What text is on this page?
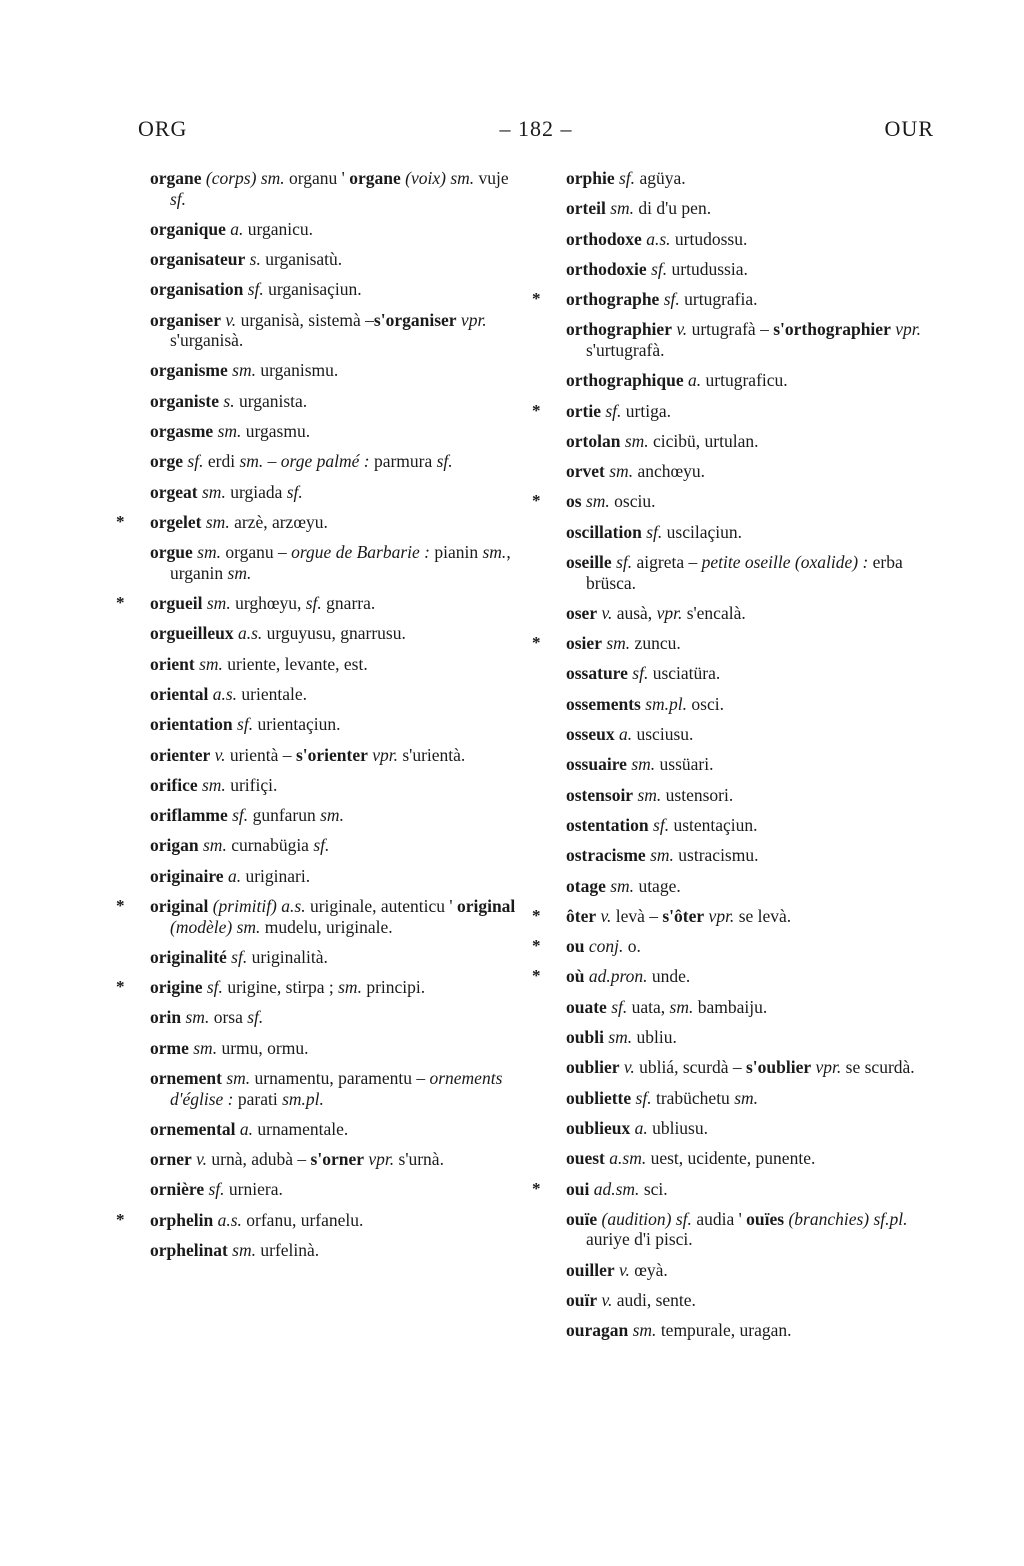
ORG	– 182 –	OUR
organe (corps) sm. organu ' organe (voix) sm. vuje sf.
organique a. urganicu.
organisateur s. urganisatù.
organisation sf. urganisaçiun.
organiser v. urganisà, sistemà –s'organiser vpr. s'urganisà.
organisme sm. urganismu.
organiste s. urganista.
orgasme sm. urgasmu.
orge sf. erdi sm. – orge palmé : parmura sf.
orgeat sm. urgiada sf.
* orgelet sm. arzè, arzœyu.
orgue sm. organu – orgue de Barbarie : pianin sm., urganin sm.
* orgueil sm. urghœyu, sf. gnarra.
orgueilleux a.s. urguyusu, gnarrusu.
orient sm. uriente, levante, est.
oriental a.s. urientale.
orientation sf. urientaçiun.
orienter v. urientà – s'orienter vpr. s'urientà.
orifice sm. urifiçi.
oriflamme sf. gunfarun sm.
origan sm. curnabügia sf.
originaire a. uriginari.
* original (primitif) a.s. uriginale, autenticu ' original (modèle) sm. mudelu, uriginale.
originalité sf. uriginalità.
* origine sf. urigine, stirpa ; sm. principi.
orin sm. orsa sf.
orme sm. urmu, ormu.
ornement sm. urnamentu, paramentu – ornements d'église : parati sm.pl.
ornemental a. urnamentale.
orner v. urnà, adubà – s'orner vpr. s'urnà.
ornière sf. urniera.
* orphelin a.s. orfanu, urfanelu.
orphelinat sm. urfelinà.
orphie sf. agüya.
orteil sm. di d'u pen.
orthodoxe a.s. urtudossu.
orthodoxie sf. urtudussia.
* orthographe sf. urtugrafia.
orthographier v. urtugrafà – s'orthographier vpr. s'urtugrafà.
orthographique a. urtugraficu.
* ortie sf. urtiga.
ortolan sm. cicibü, urtulan.
orvet sm. anchœyu.
* os sm. osciu.
oscillation sf. uscilaçiun.
oseille sf. aigreta – petite oseille (oxalide) : erba brüsca.
oser v. ausà, vpr. s'encalà.
* osier sm. zuncu.
ossature sf. usciatüra.
ossements sm.pl. osci.
osseux a. usciusu.
ossuaire sm. ussüari.
ostensoir sm. ustensori.
ostentation sf. ustentaçiun.
ostracisme sm. ustracismu.
otage sm. utage.
* ôter v. levà – s'ôter vpr. se levà.
* ou conj. o.
* où ad.pron. unde.
ouate sf. uata, sm. bambaiju.
oubli sm. ubliu.
oublier v. ubliá, scurdà – s'oublier vpr. se scurdà.
oubliette sf. trabüchetu sm.
oublieux a. ubliusu.
ouest a.sm. uest, ucidente, punente.
* oui ad.sm. sci.
ouïe (audition) sf. audia ' ouïes (branchies) sf.pl. auriye d'i pisci.
ouiller v. œyà.
ouïr v. audi, sente.
ouragan sm. tempurale, uragan.
